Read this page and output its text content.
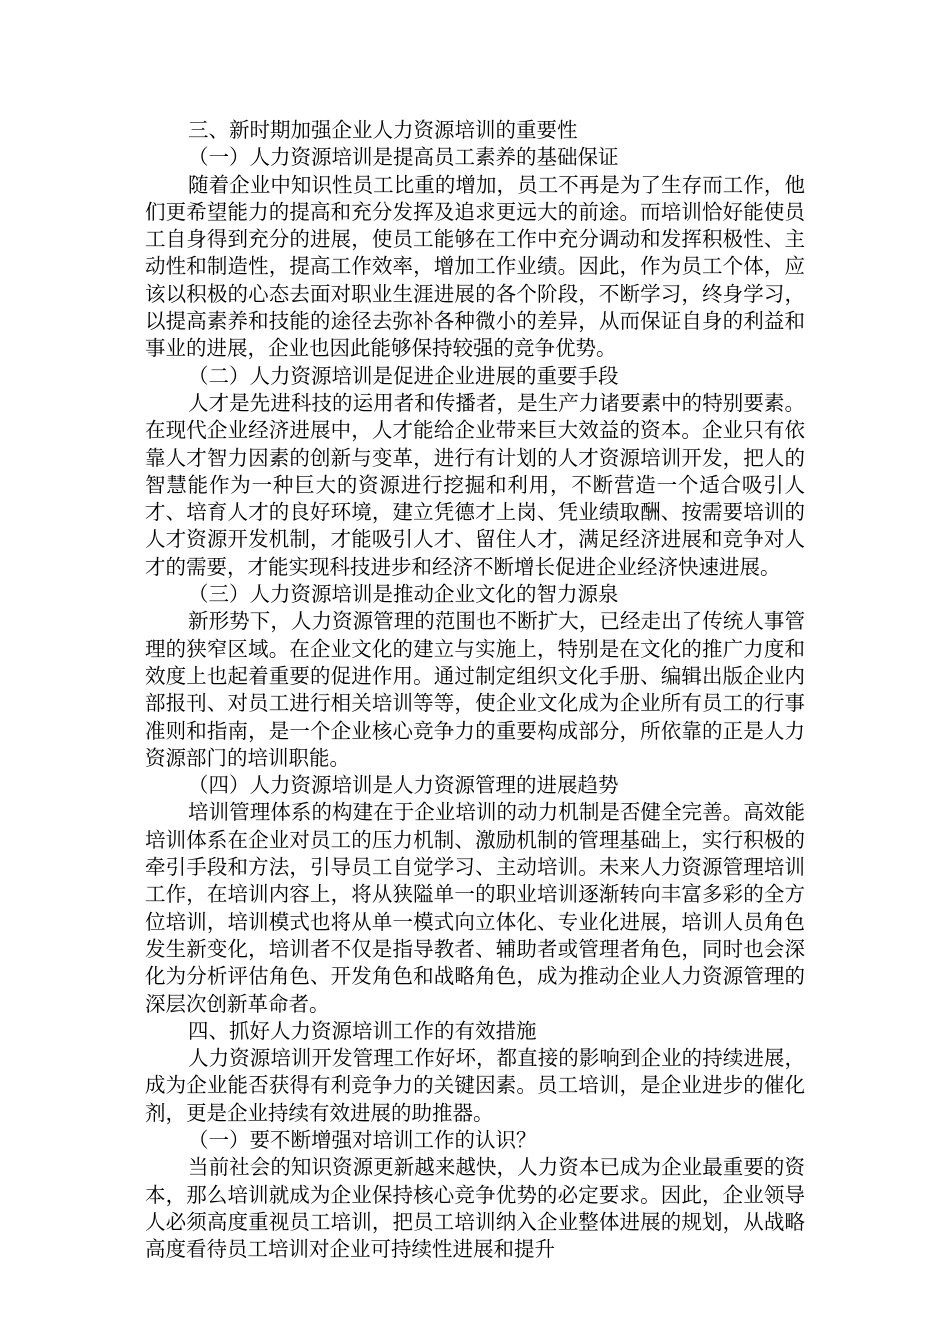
三、新时期加强企业人力资源培训的重要性

（一）人力资源培训是提高员工素养的基础保证

随着企业中知识性员工比重的增加，员工不再是为了生存而工作，他们更希望能力的提高和充分发挥及追求更远大的前途。而培训恰好能使员工自身得到充分的进展，使员工能够在工作中充分调动和发挥积极性、主动性和制造性，提高工作效率，增加工作业绩。因此，作为员工个体，应该以积极的心态去面对职业生涯进展的各个阶段，不断学习，终身学习，以提高素养和技能的途径去弥补各种微小的差异，从而保证自身的利益和事业的进展，企业也因此能够保持较强的竞争优势。

（二）人力资源培训是促进企业进展的重要手段

人才是先进科技的运用者和传播者，是生产力诸要素中的特别要素。在现代企业经济进展中，人才能给企业带来巨大效益的资本。企业只有依靠人才智力因素的创新与变革，进行有计划的人才资源培训开发，把人的智慧能作为一种巨大的资源进行挖掘和利用，不断营造一个适合吸引人才、培育人才的良好环境，建立凭德才上岗、凭业绩取酬、按需要培训的人才资源开发机制，才能吸引人才、留住人才，满足经济进展和竞争对人才的需要，才能实现科技进步和经济不断增长促进企业经济快速进展。

（三）人力资源培训是推动企业文化的智力源泉

新形势下，人力资源管理的范围也不断扩大，已经走出了传统人事管理的狭窄区域。在企业文化的建立与实施上，特别是在文化的推广力度和效度上也起着重要的促进作用。通过制定组织文化手册、编辑出版企业内部报刊、对员工进行相关培训等等，使企业文化成为企业所有员工的行事准则和指南，是一个企业核心竞争力的重要构成部分，所依靠的正是人力资源部门的培训职能。

（四）人力资源培训是人力资源管理的进展趋势

培训管理体系的构建在于企业培训的动力机制是否健全完善。高效能培训体系在企业对员工的压力机制、激励机制的管理基础上，实行积极的牵引手段和方法，引导员工自觉学习、主动培训。未来人力资源管理培训工作，在培训内容上，将从狭隘单一的职业培训逐渐转向丰富多彩的全方位培训，培训模式也将从单一模式向立体化、专业化进展，培训人员角色发生新变化，培训者不仅是指导教者、辅助者或管理者角色，同时也会深化为分析评估角色、开发角色和战略角色，成为推动企业人力资源管理的深层次创新革命者。

四、抓好人力资源培训工作的有效措施

人力资源培训开发管理工作好坏，都直接的影响到企业的持续进展，成为企业能否获得有利竞争力的关键因素。员工培训，是企业进步的催化剂，更是企业持续有效进展的助推器。

（一）要不断增强对培训工作的认识？

当前社会的知识资源更新越来越快，人力资本已成为企业最重要的资本，那么培训就成为企业保持核心竞争优势的必定要求。因此，企业领导人必须高度重视员工培训，把员工培训纳入企业整体进展的规划，从战略高度看待员工培训对企业可持续性进展和提升
